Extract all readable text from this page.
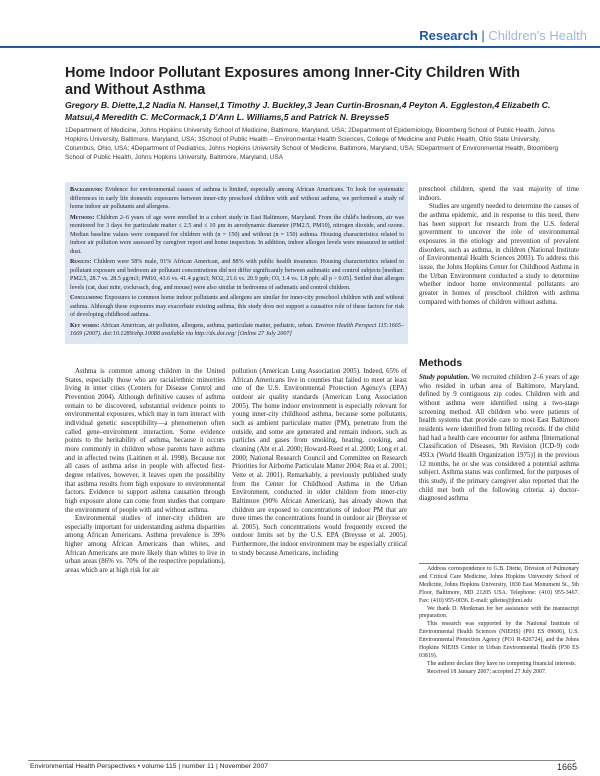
Research | Children's Health
Home Indoor Pollutant Exposures among Inner-City Children With and Without Asthma
Gregory B. Diette,1,2 Nadia N. Hansel,1 Timothy J. Buckley,3 Jean Curtin-Brosnan,4 Peyton A. Eggleston,4 Elizabeth C. Matsui,4 Meredith C. McCormack,1 D'Ann L. Williams,5 and Patrick N. Breysse5
1Department of Medicine, Johns Hopkins University School of Medicine, Baltimore, Maryland, USA; 2Department of Epidemiology, Bloomberg School of Public Health, Johns Hopkins University, Baltimore, Maryland, USA; 3School of Public Health – Environmental Health Sciences, College of Medicine and Public Health, Ohio State University, Columbus, Ohio, USA; 4Department of Pediatrics, Johns Hopkins University School of Medicine, Baltimore, Maryland, USA; 5Department of Environmental Health, Bloomberg School of Public Health, Johns Hopkins University, Baltimore, Maryland, USA

Background: Evidence for environmental causes of asthma is limited, especially among African Americans. To look for systematic differences in early life domestic exposures between inner-city preschool children with and without asthma, we performed a study of home indoor air pollutants and allergens.

Methods: Children 2–6 years of age were enrolled in a cohort study in East Baltimore, Maryland. From the child's bedroom, air was monitored for 3 days for particulate matter ≤ 2.5 and ≤ 10 μm in aerodynamic diameter (PM2.5, PM10), nitrogen dioxide, and ozone. Median baseline values were compared for children with (n = 150) and without (n = 150) asthma. Housing characteristics related to indoor air pollution were assessed by caregiver report and home inspection. In addition, indoor allergen levels were measured in settled dust.

Results: Children were 58% male, 91% African American, and 88% with public health insurance. Housing characteristics related to pollutant exposure and bedroom air pollutant concentrations did not differ significantly between asthmatic and control subjects [median: PM2.5, 28.7 vs. 28.5 μg/m3; PM10, 43.6 vs. 41.4 μg/m3; NO2, 21.6 vs. 20.9 ppb; O3, 1.4 vs. 1.8 ppb; all p > 0.05]. Settled dust allergen levels (cat, dust mite, cockroach, dog, and mouse) were also similar in bedrooms of asthmatic and control children.

Conclusions: Exposures to common home indoor pollutants and allergens are similar for inner-city preschool children with and without asthma. Although these exposures may exacerbate existing asthma, this study does not support a causative role of these factors for risk of developing childhood asthma.

Key words: African American, air pollution, allergens, asthma, particulate matter, pediatric, urban. Environ Health Perspect 115:1665–1669 (2007). doi:10.1289/ehp.10088 available via http://dx.doi.org/ [Online 27 July 2007]

Asthma is common among children in the United States, especially those who are racial/ethnic minorities living in inner cities (Centers for Disease Control and Prevention 2004). Although definitive causes of asthma remain to be discovered, substantial evidence points to environmental exposures, which may in turn interact with individual genetic susceptibility—a phenomenon often called gene–environment interaction. Some evidence points to the heritability of asthma, because it occurs more commonly in children whose parents have asthma and in affected twins (Laitinen et al. 1998). Because not all cases of asthma arise in people with affected first-degree relatives, however, it leaves open the possibility that asthma results from high exposure to environmental factors. Evidence to support asthma causation through high exposure alone can come from studies that compare the environment of people with and without asthma.

Environmental studies of inner-city children are especially important for understanding asthma disparities among African Americans. Asthma prevalence is 39% higher among African Americans than whites, and African Americans are more likely than whites to live in urban areas (86% vs. 70% of the respective populations), areas which are at high risk for air

pollution (American Lung Association 2005). Indeed, 65% of African Americans live in counties that failed to meet at least one of the U.S. Environmental Protection Agency's (EPA) outdoor air quality standards (American Lung Association 2005). The home indoor environment is especially relevant for young inner-city childhood asthma, because some pollutants, such as ambient particulate matter (PM), penetrate from the outside, and some are generated and remain indoors, such as particles and gases from smoking, heating, cooking, and cleaning (Abt et al. 2000; Howard-Reed et al. 2000; Long et al. 2000; National Research Council and Committee on Research Priorities for Airborne Particulate Matter 2004; Rea et al. 2001; Vette et al. 2001). Remarkably, a previously published study from the Center for Childhood Asthma in the Urban Environment, conducted in older children from inner-city Baltimore (90% African American), has already shown that children are exposed to concentrations of indoor PM that are three times the concentrations found in outdoor air (Breysse et al. 2005). Such concentrations would frequently exceed the outdoor limits set by the U.S. EPA (Breysse et al. 2005). Furthermore, the indoor environment may be especially critical to study because Americans, including

preschool children, spend the vast majority of time indoors.

Studies are urgently needed to determine the causes of the asthma epidemic, and in response to this need, there has been support for research from the U.S. federal government to uncover the role of environmental exposures in the etiology and prevention of prevalent disorders, such as asthma, in children (National Institute of Environmental Health Sciences 2003). To address this issue, the Johns Hopkins Center for Childhood Asthma in the Urban Environment conducted a study to determine whether indoor home environmental pollutants are greater in homes of preschool children with asthma compared with homes of children without asthma.

Methods

Study population. We recruited children 2–6 years of age who resided in urban area of Baltimore, Maryland, defined by 9 contiguous zip codes. Children with and without asthma were identified using a two-stage screening method. All children who were patients of health systems that provide care to most East Baltimore residents were identified from billing records. If the child had had a health care encounter for asthma [International Classification of Diseases, 9th Revision (ICD-9) code 493.x (World Health Organization 1975)] in the previous 12 months, he or she was considered a potential asthma subject. Asthma status was confirmed, for the purposes of this study, if the primary caregiver also reported that the child met both of the following criteria: a) doctor-diagnosed asthma

Address correspondence to G.B. Diette, Division of Pulmonary and Critical Care Medicine, Johns Hopkins University School of Medicine, Johns Hopkins University, 1830 East Monument St., 5th Floor, Baltimore, MD 21205 USA. Telephone: (410) 955-3467. Fax: (410) 955-0036. E-mail: gdiette@jhmi.edu

We thank D. Monkman for her assistance with the manuscript preparation.

This research was supported by the National Institute of Environmental Health Sciences (NIEHS) (P01 ES 09606), U.S. Environmental Protection Agency (PO1 R-826724), and the Johns Hopkins NIEHS Center in Urban Environmental Health (P30 ES 03819).

The authors declare they have no competing financial interests.

Received 18 January 2007; accepted 27 July 2007.

Environmental Health Perspectives • volume 115 | number 11 | November 2007	1665
